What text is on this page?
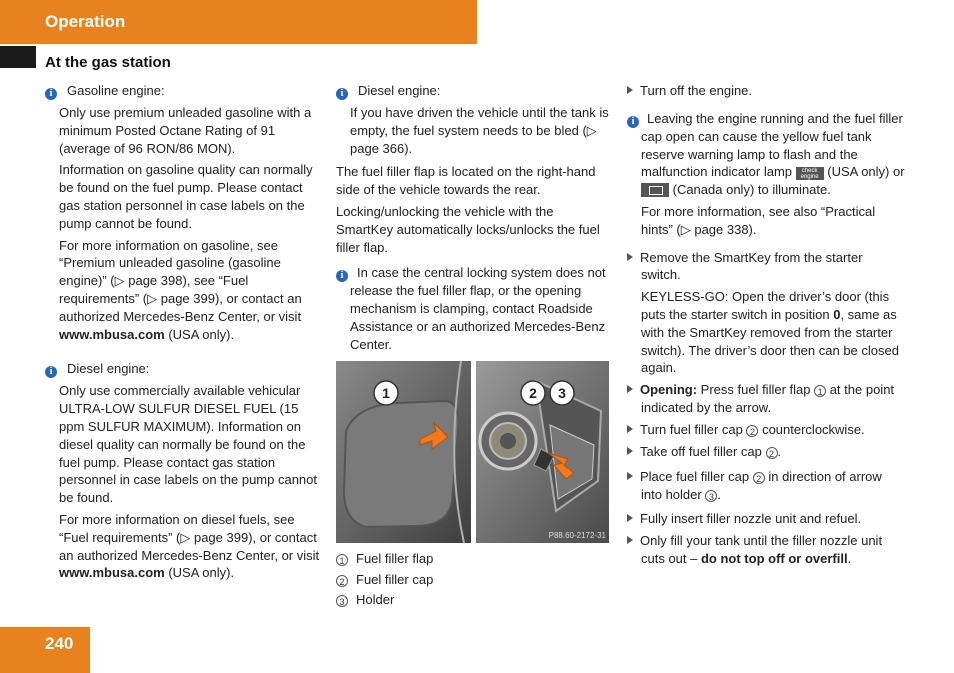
Operation
At the gas station

i Gasoline engine:

Only use premium unleaded gasoline with a minimum Posted Octane Rating of 91 (average of 96 RON/86 MON).

Information on gasoline quality can normally be found on the fuel pump. Please contact gas station personnel in case labels on the pump cannot be found.

For more information on gasoline, see “Premium unleaded gasoline (gasoline engine)” (▷ page 398), see “Fuel requirements” (▷ page 399), or contact an authorized Mercedes-Benz Center, or visit www.mbusa.com (USA only).

i Diesel engine:

Only use commercially available vehicular ULTRA-LOW SULFUR DIESEL FUEL (15 ppm SULFUR MAXIMUM). Information on diesel quality can normally be found on the fuel pump. Please contact gas station personnel in case labels on the pump cannot be found.

For more information on diesel fuels, see “Fuel requirements” (▷ page 399), or contact an authorized Mercedes-Benz Center, or visit www.mbusa.com (USA only).

i Diesel engine:

If you have driven the vehicle until the tank is empty, the fuel system needs to be bled (▷ page 366).

The fuel filler flap is located on the right-hand side of the vehicle towards the rear.

Locking/unlocking the vehicle with the SmartKey automatically locks/unlocks the fuel filler flap.

i In case the central locking system does not release the fuel filler flap, or the opening mechanism is clamping, contact Roadside Assistance or an authorized Mercedes-Benz Center.

1	2 3
P88.60-2172-31
1 Fuel filler flap
2 Fuel filler cap
3 Holder

Turn off the engine.

i Leaving the engine running and the fuel filler cap open can cause the yellow fuel tank reserve warning lamp to flash and the malfunction indicator lamp check engine (USA only) or  (Canada only) to illuminate.

For more information, see also “Practical hints” (▷ page 338).

Remove the SmartKey from the starter switch.

KEYLESS-GO: Open the driver’s door (this puts the starter switch in position 0, same as with the SmartKey removed from the starter switch). The driver’s door then can be closed again.

Opening: Press fuel filler flap 1 at the point indicated by the arrow.

Turn fuel filler cap 2 counterclockwise.

Take off fuel filler cap 2 .

Place fuel filler cap 2 in direction of arrow into holder 3 .

Fully insert filler nozzle unit and refuel.

Only fill your tank until the filler nozzle unit cuts out – do not top off or overfill.

240
